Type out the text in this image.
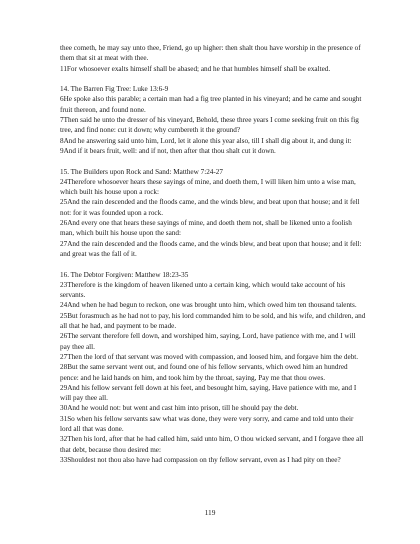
thee cometh, he may say unto thee, Friend, go up higher: then shalt thou have worship in the presence of them that sit at meat with thee.

11For whosoever exalts himself shall be abased; and he that humbles himself shall be exalted.

14. The Barren Fig Tree: Luke 13:6-9

6He spoke also this parable; a certain man had a fig tree planted in his vineyard; and he came and sought fruit thereon, and found none.

7Then said he unto the dresser of his vineyard, Behold, these three years I come seeking fruit on this fig tree, and find none: cut it down; why cumbereth it the ground?

8And he answering said unto him, Lord, let it alone this year also, till I shall dig about it, and dung it:

9And if it bears fruit, well: and if not, then after that thou shalt cut it down.

15. The Builders upon Rock and Sand: Matthew 7:24-27

24Therefore whosoever hears these sayings of mine, and doeth them, I will liken him unto a wise man, which built his house upon a rock:

25And the rain descended and the floods came, and the winds blew, and beat upon that house; and it fell not: for it was founded upon a rock.

26And every one that hears these sayings of mine, and doeth them not, shall be likened unto a foolish man, which built his house upon the sand:

27And the rain descended and the floods came, and the winds blew, and beat upon that house; and it fell: and great was the fall of it.

16. The Debtor Forgiven: Matthew 18:23-35

23Therefore is the kingdom of heaven likened unto a certain king, which would take account of his servants.

24And when he had begun to reckon, one was brought unto him, which owed him ten thousand talents.

25But forasmuch as he had not to pay, his lord commanded him to be sold, and his wife, and children, and all that he had, and payment to be made.

26The servant therefore fell down, and worshiped him, saying, Lord, have patience with me, and I will pay thee all.

27Then the lord of that servant was moved with compassion, and loosed him, and forgave him the debt.

28But the same servant went out, and found one of his fellow servants, which owed him an hundred pence: and he laid hands on him, and took him by the throat, saying, Pay me that thou owes.

29And his fellow servant fell down at his feet, and besought him, saying, Have patience with me, and I will pay thee all.

30And he would not: but went and cast him into prison, till he should pay the debt.

31So when his fellow servants saw what was done, they were very sorry, and came and told unto their lord all that was done.

32Then his lord, after that he had called him, said unto him, O thou wicked servant, and I forgave thee all that debt, because thou desired me:

33Shouldest not thou also have had compassion on thy fellow servant, even as I had pity on thee?

119
